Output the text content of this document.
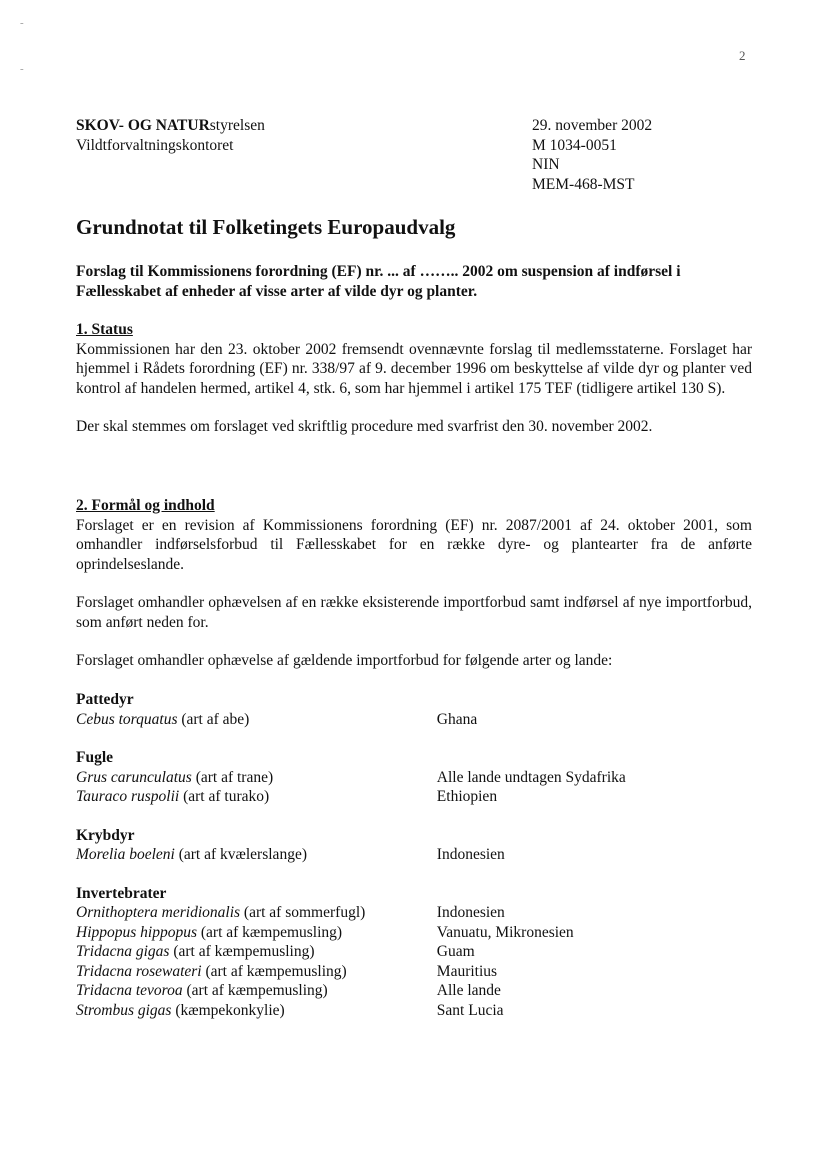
2
-
-
SKOV- OG NATURstyrelsen
Vildtforvaltningskontoret
29. november 2002
M 1034-0051
NIN
MEM-468-MST
Grundnotat til Folketingets Europaudvalg
Forslag til Kommissionens forordning (EF) nr. ... af …….. 2002 om suspension af indførsel i Fællesskabet af enheder af visse arter af vilde dyr og planter.
1. Status

Kommissionen har den 23. oktober 2002 fremsendt ovennævnte forslag til medlemsstaterne. Forslaget har hjemmel i Rådets forordning (EF) nr. 338/97 af 9. december 1996 om beskyttelse af vilde dyr og planter ved kontrol af handelen hermed, artikel 4, stk. 6, som har hjemmel i artikel 175 TEF (tidligere artikel 130 S).

Der skal stemmes om forslaget ved skriftlig procedure med svarfrist den 30. november 2002.

2. Formål og indhold

Forslaget er en revision af Kommissionens forordning (EF) nr. 2087/2001 af 24. oktober 2001, som omhandler indførselsforbud til Fællesskabet for en række dyre- og plantearter fra de anførte oprindelseslande.

Forslaget omhandler ophævelsen af en række eksisterende importforbud samt indførsel af nye importforbud, som anført neden for.

Forslaget omhandler ophævelse af gældende importforbud for følgende arter og lande:

Pattedyr
Cebus torquatus (art af abe)	Ghana
Fugle
Grus carunculatus (art af trane)	Alle lande undtagen Sydafrika
Tauraco ruspolii (art af turako)	Ethiopien
Krybdyr
Morelia boeleni (art af kvælerslange)	Indonesien
Invertebrater
Ornithoptera meridionalis (art af sommerfugl)	Indonesien
Hippopus hippopus (art af kæmpemusling)	Vanuatu, Mikronesien
Tridacna gigas (art af kæmpemusling)	Guam
Tridacna rosewateri (art af kæmpemusling)	Mauritius
Tridacna tevoroa (art af kæmpemusling)	Alle lande
Strombus gigas (kæmpekonkylie)	Sant Lucia
